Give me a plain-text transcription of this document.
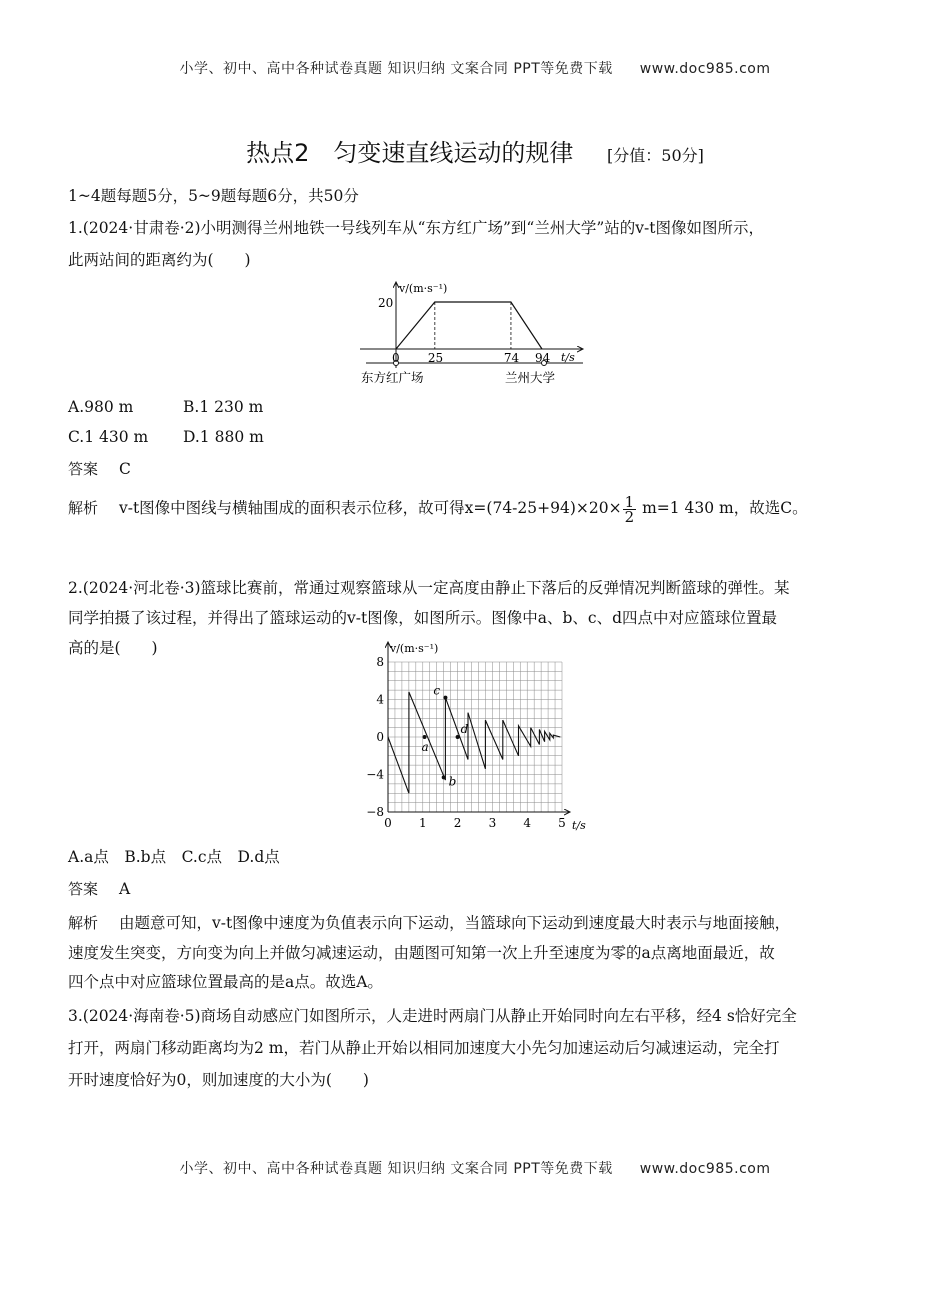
小学、初中、高中各种试卷真题 知识归纳 文案合同 PPT等免费下载 www.doc985.com
热点2　匀变速直线运动的规律 [分值：50分]
1~4题每题5分，5~9题每题6分，共50分
1.(2024·甘肃卷·2)小明测得兰州地铁一号线列车从“东方红广场”到“兰州大学”站的v-t图像如图所示，
此两站间的距离约为(　　)
0 25	74 94
v/(m·s⁻¹)
t/s
20
东方红广场	兰州大学
A.980 m	B.1 230 m
C.1 430 m D.1 880 m
答案 C
解析 v-t图像中图线与横轴围成的面积表示位移，故可得$x=(74-25+94)\times 20\times \frac{1}{2} m=1$ 430 m，故选C。
2.(2024·河北卷·3)篮球比赛前，常通过观察篮球从一定高度由静止下落后的反弹情况判断篮球的弹性。某
同学拍摄了该过程，并得出了篮球运动的v-t图像，如图所示。图像中a、b、c、d四点中对应篮球位置最
高的是(　　)
8
4
0
−4
−8
0 1 2 3 4 5
a
b
c
d
v/(m·s⁻¹)
t/s
A.a点　B.b点　C.c点　D.d点
答案 A
解析 由题意可知，v-t图像中速度为负值表示向下运动，当篮球向下运动到速度最大时表示与地面接触，
速度发生突变，方向变为向上并做匀减速运动，由题图可知第一次上升至速度为零的a点离地面最近，故
四个点中对应篮球位置最高的是a点。故选A。
3.(2024·海南卷·5)商场自动感应门如图所示，人走进时两扇门从静止开始同时向左右平移，经4 s恰好完全
打开，两扇门移动距离均为2 m，若门从静止开始以相同加速度大小先匀加速运动后匀减速运动，完全打
开时速度恰好为0，则加速度的大小为(　　)
小学、初中、高中各种试卷真题 知识归纳 文案合同 PPT等免费下载 www.doc985.com
